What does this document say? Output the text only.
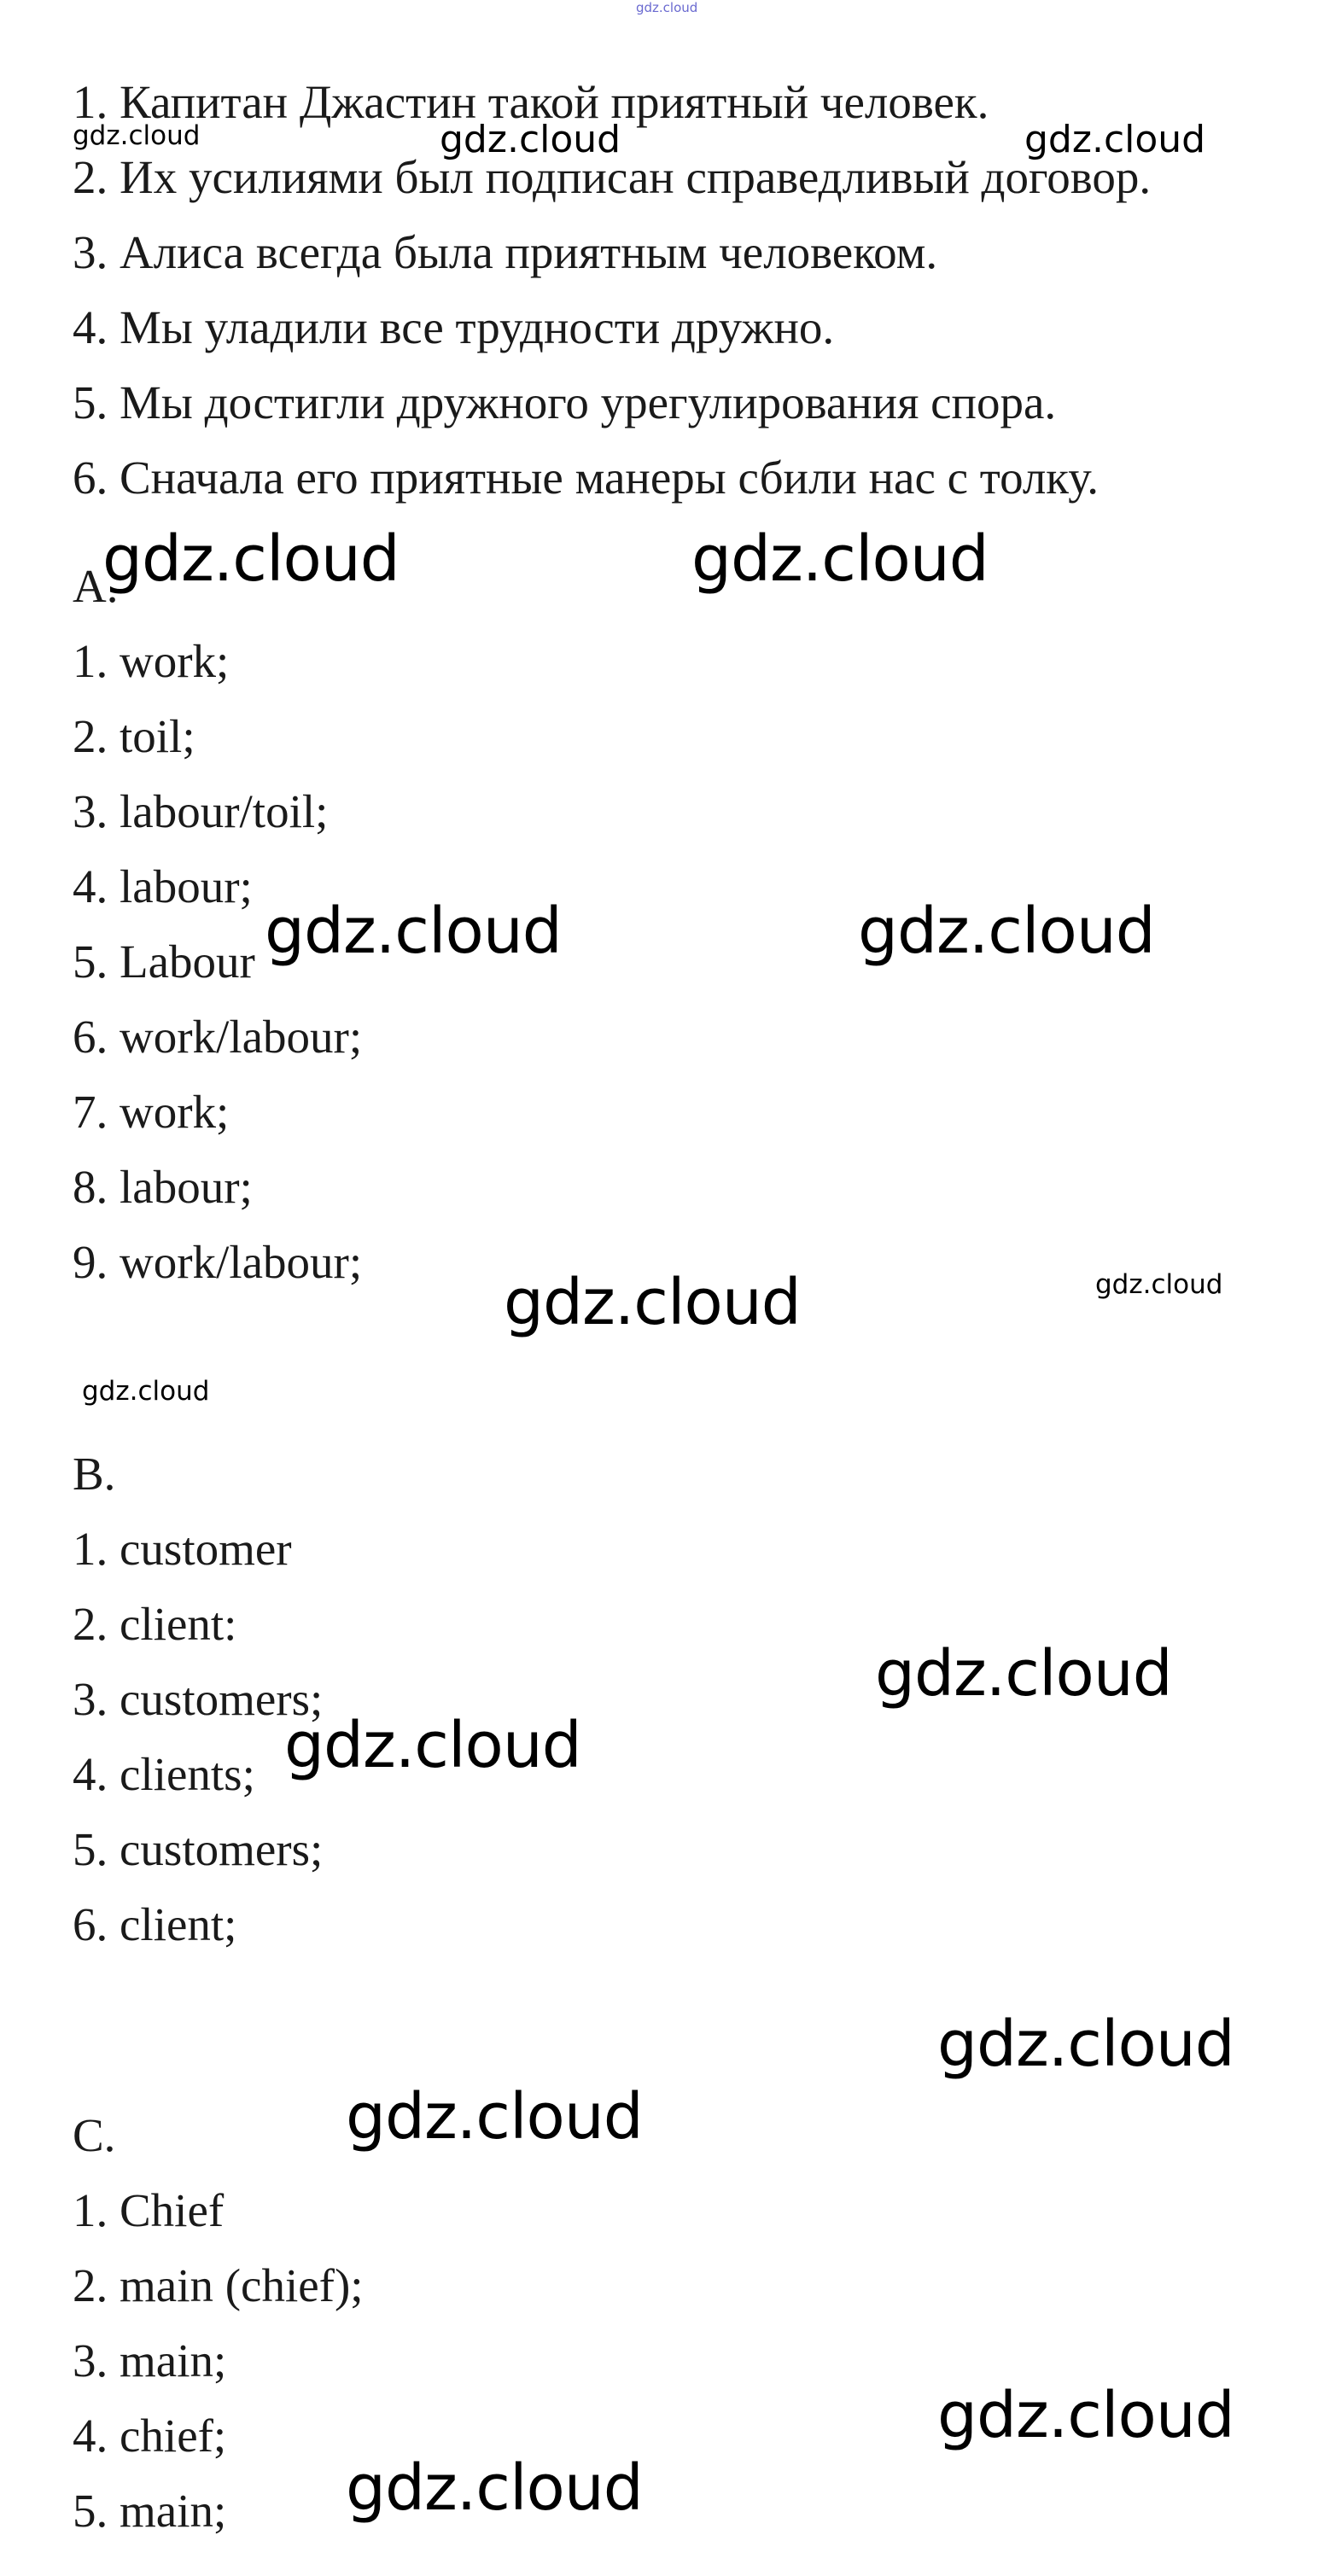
gdz.cloud
1. Капитан Джастин такой приятный человек.
2. Их усилиями был подписан справедливый договор.
3. Алиса всегда была приятным человеком.
4. Мы уладили все трудности дружно.
5. Мы достигли дружного урегулирования спора.
6. Сначала его приятные манеры сбили нас с толку.
A.
1. work;
2. toil;
3. labour/toil;
4. labour;
5. Labour
6. work/labour;
7. work;
8. labour;
9. work/labour;
B.
1. customer
2. client:
3. customers;
4. clients;
5. customers;
6. client;
C.
1. Chief
2. main (chief);
3. main;
4. chief;
5. main;
gdz.cloud	gdz.cloud	gdz.cloud
gdz.cloud	gdz.cloud
gdz.cloud	gdz.cloud
gdz.cloud	gdz.cloud
gdz.cloud
gdz.cloud
gdz.cloud
gdz.cloud
gdz.cloud
gdz.cloud
gdz.cloud
